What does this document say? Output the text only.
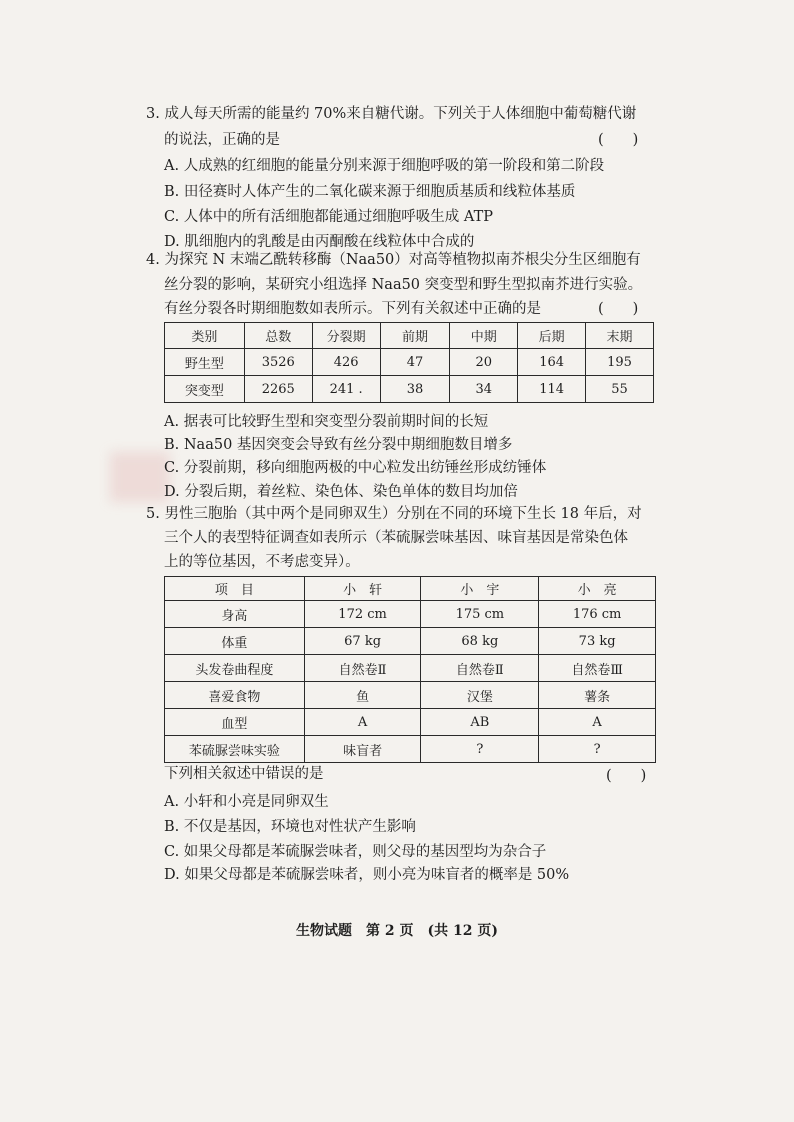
3. 成人每天所需的能量约 70%来自糖代谢。下列关于人体细胞中葡萄糖代谢
的说法，正确的是	(　　)
A. 人成熟的红细胞的能量分别来源于细胞呼吸的第一阶段和第二阶段
B. 田径赛时人体产生的二氧化碳来源于细胞质基质和线粒体基质
C. 人体中的所有活细胞都能通过细胞呼吸生成 ATP
D. 肌细胞内的乳酸是由丙酮酸在线粒体中合成的
4. 为探究 N 末端乙酰转移酶（Naa50）对高等植物拟南芥根尖分生区细胞有
丝分裂的影响，某研究小组选择 Naa50 突变型和野生型拟南芥进行实验。
有丝分裂各时期细胞数如表所示。下列有关叙述中正确的是	(　　)
类别	总数	分裂期	前期	中期	后期	末期
野生型	3526	426	47	20	164	195
突变型	2265	241 .	38	34	114	55
A. 据表可比较野生型和突变型分裂前期时间的长短
B. Naa50 基因突变会导致有丝分裂中期细胞数目增多
C. 分裂前期，移向细胞两极的中心粒发出纺锤丝形成纺锤体
D. 分裂后期，着丝粒、染色体、染色单体的数目均加倍
5. 男性三胞胎（其中两个是同卵双生）分别在不同的环境下生长 18 年后，对
三个人的表型特征调查如表所示（苯硫脲尝味基因、味盲基因是常染色体
上的等位基因，不考虑变异）。
项　目	小　轩	小　宇	小　亮
身高	172 cm	175 cm	176 cm
体重	67 kg	68 kg	73 kg
头发卷曲程度	自然卷Ⅱ	自然卷Ⅱ	自然卷Ⅲ
喜爱食物	鱼	汉堡	薯条
血型	A	AB	A
苯硫脲尝味实验	味盲者	?	?
下列相关叙述中错误的是	(　　)
A. 小轩和小亮是同卵双生
B. 不仅是基因，环境也对性状产生影响
C. 如果父母都是苯硫脲尝味者，则父母的基因型均为杂合子
D. 如果父母都是苯硫脲尝味者，则小亮为味盲者的概率是 50%
生物试题　第 2 页　(共 12 页)
